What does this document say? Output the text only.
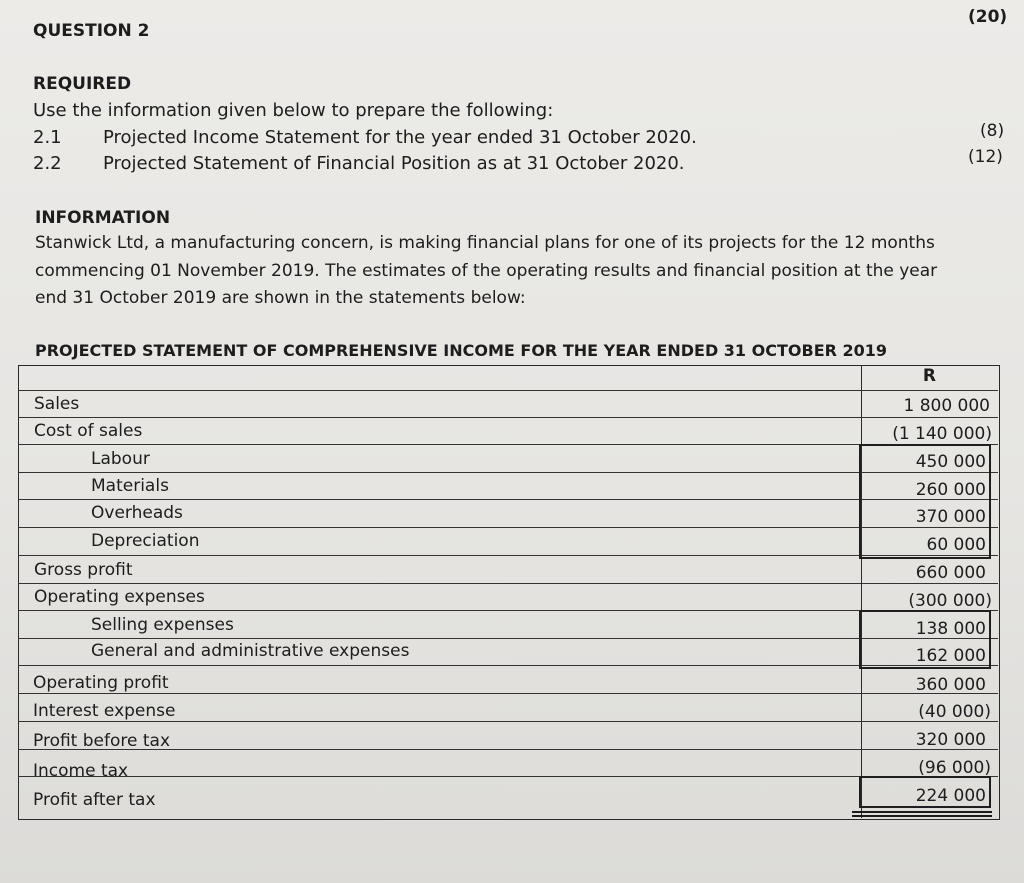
QUESTION 2
(20)
REQUIRED
Use the information given below to prepare the following:
2.1 Projected Income Statement for the year ended 31 October 2020.	(8)
2.2 Projected Statement of Financial Position as at 31 October 2020.	(12)
INFORMATION
Stanwick Ltd, a manufacturing concern, is making financial plans for one of its projects for the 12 months
commencing 01 November 2019. The estimates of the operating results and financial position at the year
end 31 October 2019 are shown in the statements below:
PROJECTED STATEMENT OF COMPREHENSIVE INCOME FOR THE YEAR ENDED 31 OCTOBER 2019
R
Sales
Cost of sales
Labour
Materials
Overheads
Depreciation
Gross profit
Operating expenses
Selling expenses
General and administrative expenses
Operating profit
Interest expense
Profit before tax
Income tax
Profit after tax
1 800 000
(1 140 000)
450 000
260 000
370 000
60 000
660 000
(300 000)
138 000
162 000
360 000
(40 000)
320 000
(96 000)
224 000
